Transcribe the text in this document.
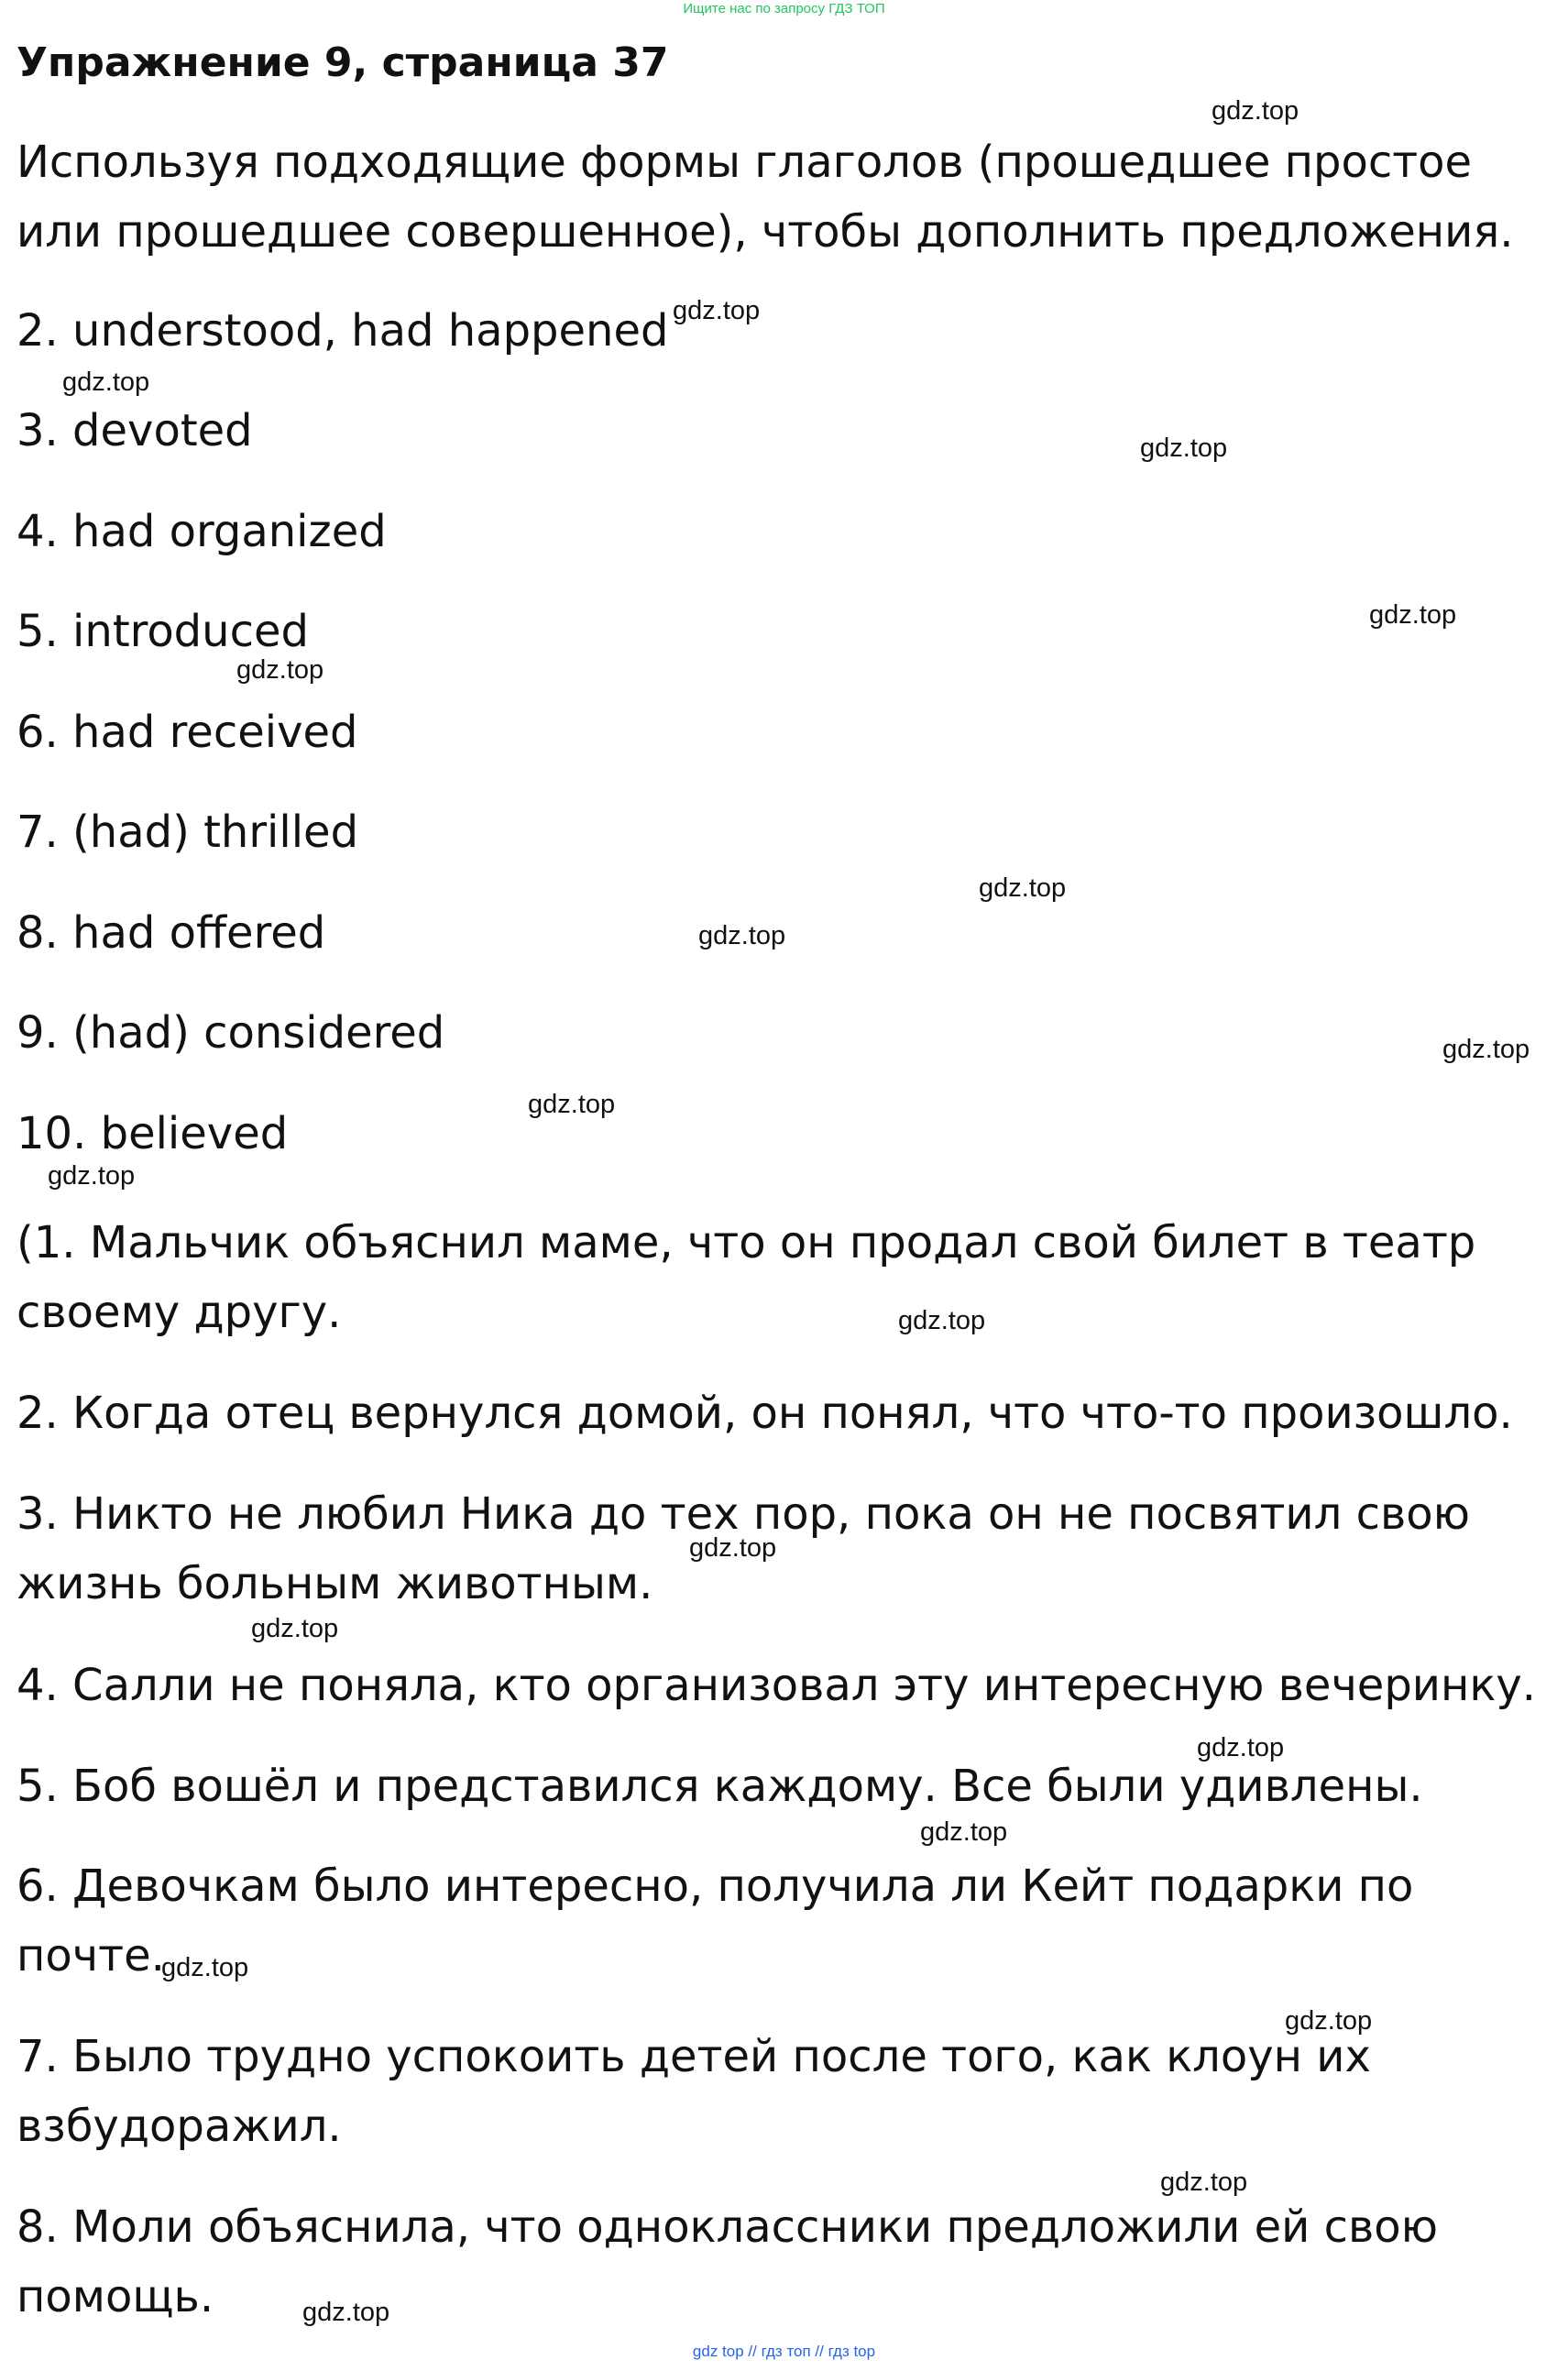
Ищите нас по запросу ГДЗ ТОП
Упражнение 9, страница 37

Используя подходящие формы глаголов (прошедшее простое

или прошедшее совершенное), чтобы дополнить предложения.

2. understood, had happened

3. devoted

4. had organized

5. introduced

6. had received

7. (had) thrilled

8. had offered

9. (had) considered

10. believed

(1. Мальчик объяснил маме, что он продал свой билет в театр

своему другу.

2. Когда отец вернулся домой, он понял, что что-то произошло.

3. Никто не любил Ника до тех пор, пока он не посвятил свою

жизнь больным животным.

4. Салли не поняла, кто организовал эту интересную вечеринку.

5. Боб вошёл и представился каждому. Все были удивлены.

6. Девочкам было интересно, получила ли Кейт подарки по

почте.

7. Было трудно успокоить детей после того, как клоун их

взбудоражил.

8. Моли объяснила, что одноклассники предложили ей свою

помощь.

gdz.top
gdz.top
gdz.top
gdz.top
gdz.top
gdz.top
gdz.top
gdz.top
gdz.top
gdz.top
gdz.top
gdz.top
gdz.top
gdz.top
gdz.top
gdz.top
gdz.top
gdz.top
gdz.top
gdz.top
gdz top // гдз топ // гдз top
